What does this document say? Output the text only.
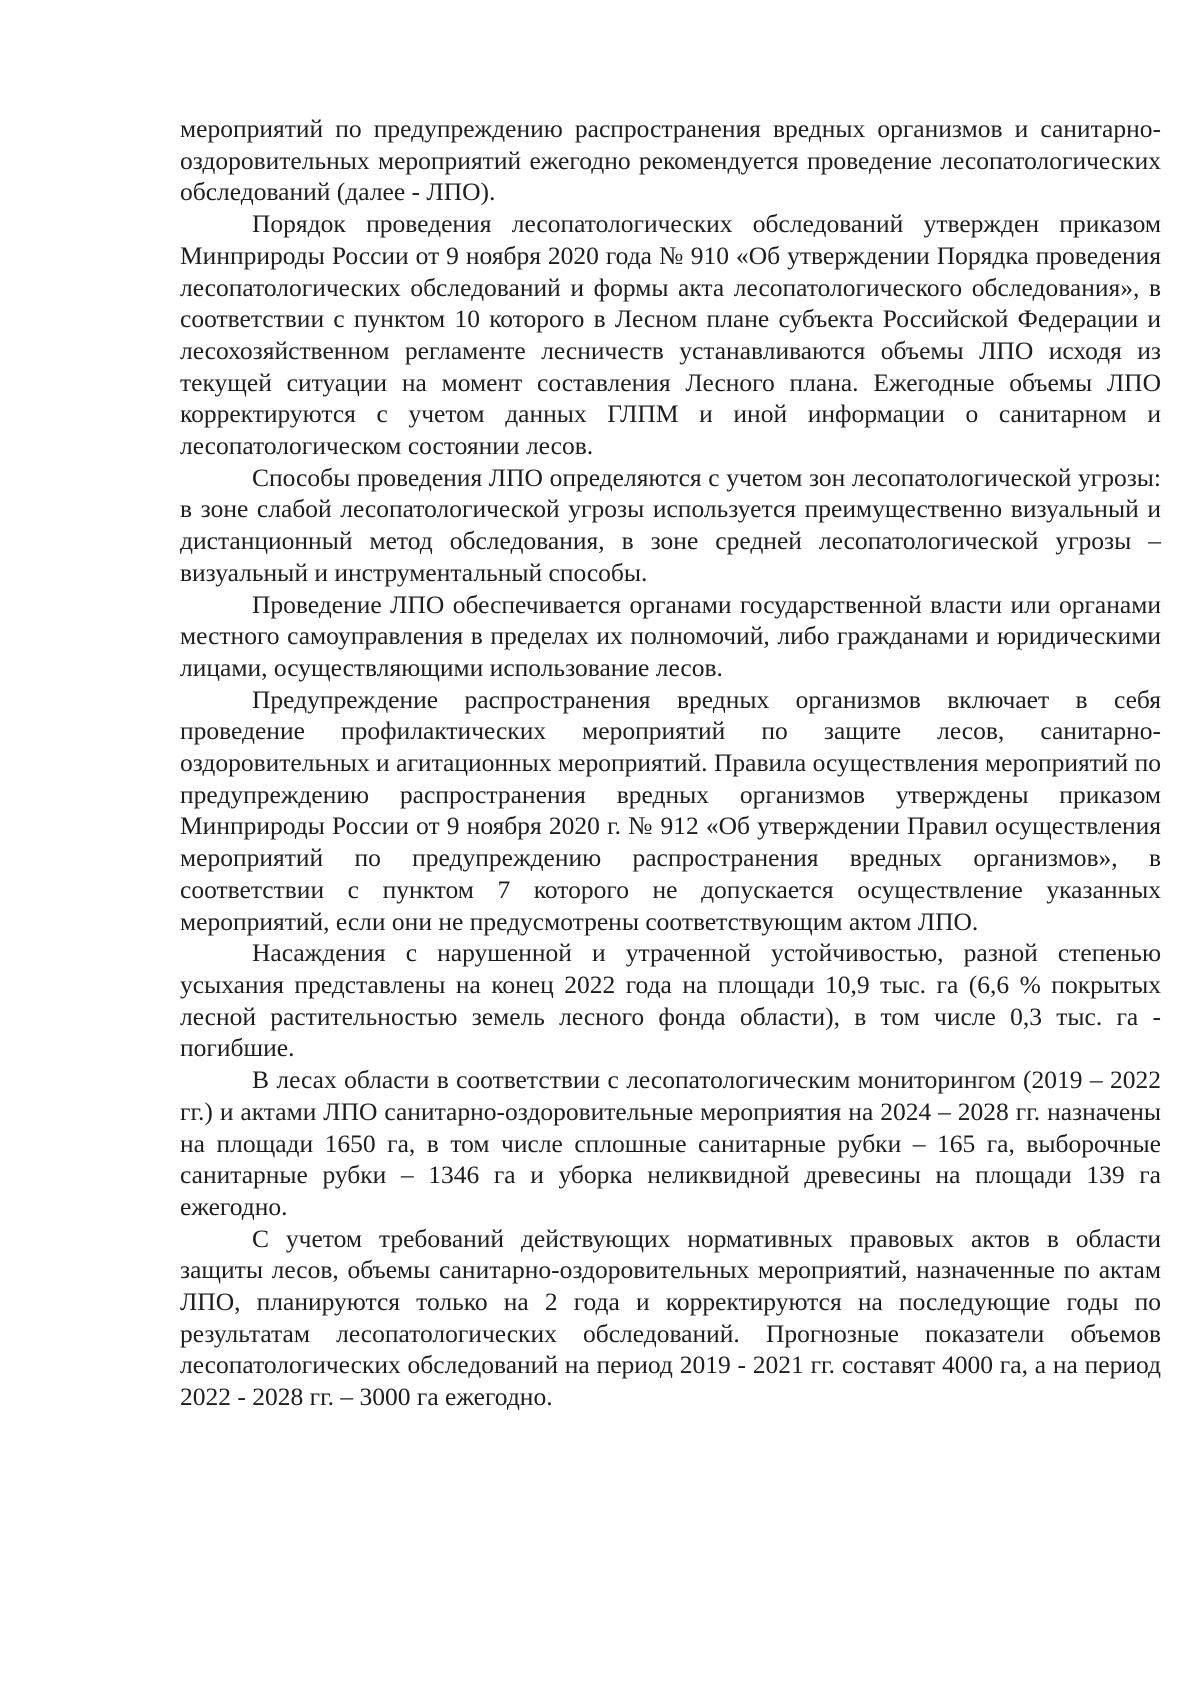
мероприятий по предупреждению распространения вредных организмов и санитарно-оздоровительных мероприятий ежегодно рекомендуется проведение лесопатологических обследований (далее - ЛПО).

Порядок проведения лесопатологических обследований утвержден приказом Минприроды России от 9 ноября 2020 года № 910 «Об утверждении Порядка проведения лесопатологических обследований и формы акта лесопатологического обследования», в соответствии с пунктом 10 которого в Лесном плане субъекта Российской Федерации и лесохозяйственном регламенте лесничеств устанавливаются объемы ЛПО исходя из текущей ситуации на момент составления Лесного плана. Ежегодные объемы ЛПО корректируются с учетом данных ГЛПМ и иной информации о санитарном и лесопатологическом состоянии лесов.

Способы проведения ЛПО определяются с учетом зон лесопатологической угрозы: в зоне слабой лесопатологической угрозы используется преимущественно визуальный и дистанционный метод обследования, в зоне средней лесопатологической угрозы – визуальный и инструментальный способы.

Проведение ЛПО обеспечивается органами государственной власти или органами местного самоуправления в пределах их полномочий, либо гражданами и юридическими лицами, осуществляющими использование лесов.

Предупреждение распространения вредных организмов включает в себя проведение профилактических мероприятий по защите лесов, санитарно-оздоровительных и агитационных мероприятий. Правила осуществления мероприятий по предупреждению распространения вредных организмов утверждены приказом Минприроды России от 9 ноября 2020 г. № 912 «Об утверждении Правил осуществления мероприятий по предупреждению распространения вредных организмов», в соответствии с пунктом 7 которого не допускается осуществление указанных мероприятий, если они не предусмотрены соответствующим актом ЛПО.

Насаждения с нарушенной и утраченной устойчивостью, разной степенью усыхания представлены на конец 2022 года на площади 10,9 тыс. га (6,6 % покрытых лесной растительностью земель лесного фонда области), в том числе 0,3 тыс. га - погибшие.

В лесах области в соответствии с лесопатологическим мониторингом (2019 – 2022 гг.) и актами ЛПО санитарно-оздоровительные мероприятия на 2024 – 2028 гг. назначены на площади 1650 га, в том числе сплошные санитарные рубки – 165 га, выборочные санитарные рубки – 1346 га и уборка неликвидной древесины на площади 139 га ежегодно.

С учетом требований действующих нормативных правовых актов в области защиты лесов, объемы санитарно-оздоровительных мероприятий, назначенные по актам ЛПО, планируются только на 2 года и корректируются на последующие годы по результатам лесопатологических обследований. Прогнозные показатели объемов лесопатологических обследований на период 2019 - 2021 гг. составят 4000 га, а на период 2022 - 2028 гг. – 3000 га ежегодно.
